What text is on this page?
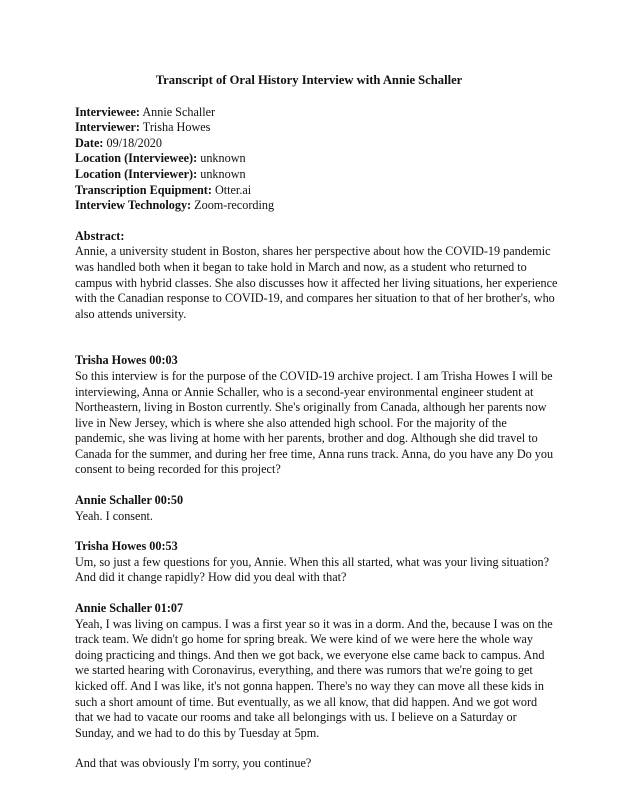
Transcript of Oral History Interview with Annie Schaller

Interviewee: Annie Schaller

Interviewer: Trisha Howes

Date: 09/18/2020

Location (Interviewee): unknown

Location (Interviewer): unknown

Transcription Equipment: Otter.ai

Interview Technology: Zoom-recording

Abstract:

Annie, a university student in Boston, shares her perspective about how the COVID-19 pandemic was handled both when it began to take hold in March and now, as a student who returned to campus with hybrid classes. She also discusses how it affected her living situations, her experience with the Canadian response to COVID-19, and compares her situation to that of her brother's, who also attends university.

Trisha Howes 00:03

So this interview is for the purpose of the COVID-19 archive project. I am Trisha Howes I will be interviewing, Anna or Annie Schaller, who is a second-year environmental engineer student at Northeastern, living in Boston currently. She's originally from Canada, although her parents now live in New Jersey, which is where she also attended high school. For the majority of the pandemic, she was living at home with her parents, brother and dog. Although she did travel to Canada for the summer, and during her free time, Anna runs track. Anna, do you have any Do you consent to being recorded for this project?

Annie Schaller 00:50

Yeah. I consent.

Trisha Howes 00:53

Um, so just a few questions for you, Annie. When this all started, what was your living situation? And did it change rapidly? How did you deal with that?

Annie Schaller 01:07

Yeah, I was living on campus. I was a first year so it was in a dorm. And the, because I was on the track team. We didn't go home for spring break. We were kind of we were here the whole way doing practicing and things. And then we got back, we everyone else came back to campus. And we started hearing with Coronavirus, everything, and there was rumors that we're going to get kicked off. And I was like, it's not gonna happen. There's no way they can move all these kids in such a short amount of time. But eventually, as we all know, that did happen. And we got word that we had to vacate our rooms and take all belongings with us. I believe on a Saturday or Sunday, and we had to do this by Tuesday at 5pm.

And that was obviously I'm sorry, you continue?
